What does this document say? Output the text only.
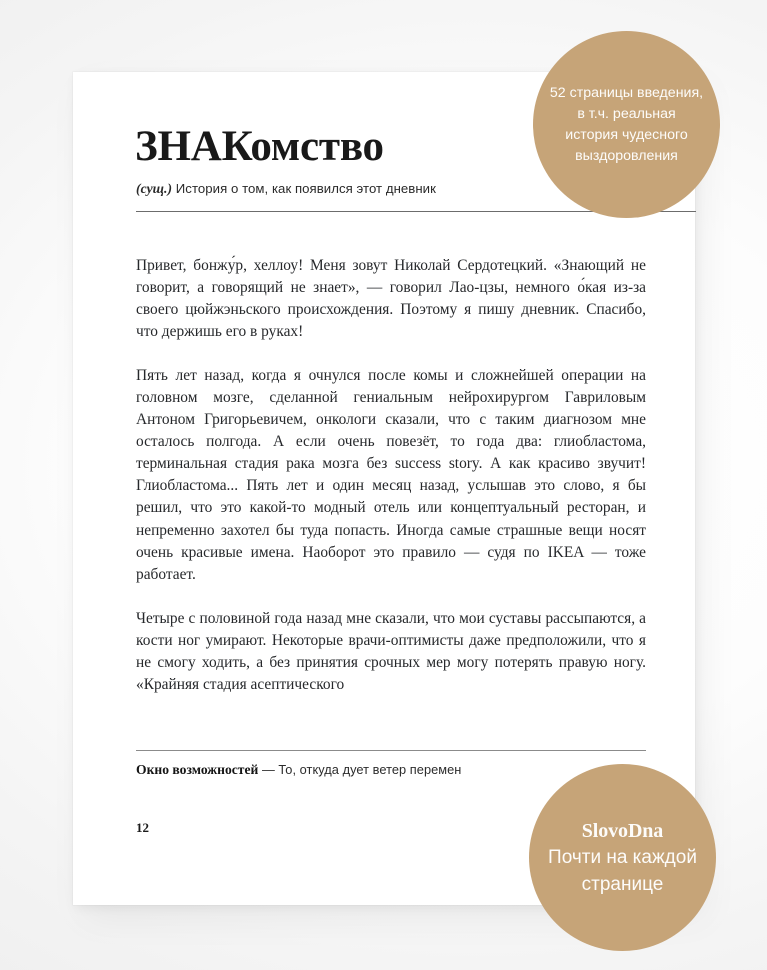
ЗНАКомство
(сущ.) История о том, как появился этот дневник

Привет, бонжу́р, хеллоу! Меня зовут Николай Сердотецкий. «Знающий не говорит, а говорящий не знает», — говорил Лао-цзы, немного о́кая из-за своего цюйжэньского происхождения. Поэтому я пишу дневник. Спасибо, что держишь его в руках!

Пять лет назад, когда я очнулся после комы и сложнейшей операции на головном мозге, сделанной гениальным нейрохирургом Гавриловым Антоном Григорьевичем, онкологи сказали, что с таким диагнозом мне осталось полгода. А если очень повезёт, то года два: глиобластома, терминальная стадия рака мозга без success story. А как красиво звучит! Глиобластома... Пять лет и один месяц назад, услышав это слово, я бы решил, что это какой-то модный отель или концептуальный ресторан, и непременно захотел бы туда попасть. Иногда самые страшные вещи носят очень красивые имена. Наоборот это правило — судя по IKEA — тоже работает.

Четыре с половиной года назад мне сказали, что мои суставы рассыпаются, а кости ног умирают. Некоторые врачи-оптимисты даже предположили, что я не смогу ходить, а без принятия срочных мер могу потерять правую ногу. «Крайняя стадия асептического

Окно возможностей — То, откуда дует ветер перемен
12
52 страницы введения, в т.ч. реальная история чудесного выздоровления
SlovoDna
Почти на каждой странице
